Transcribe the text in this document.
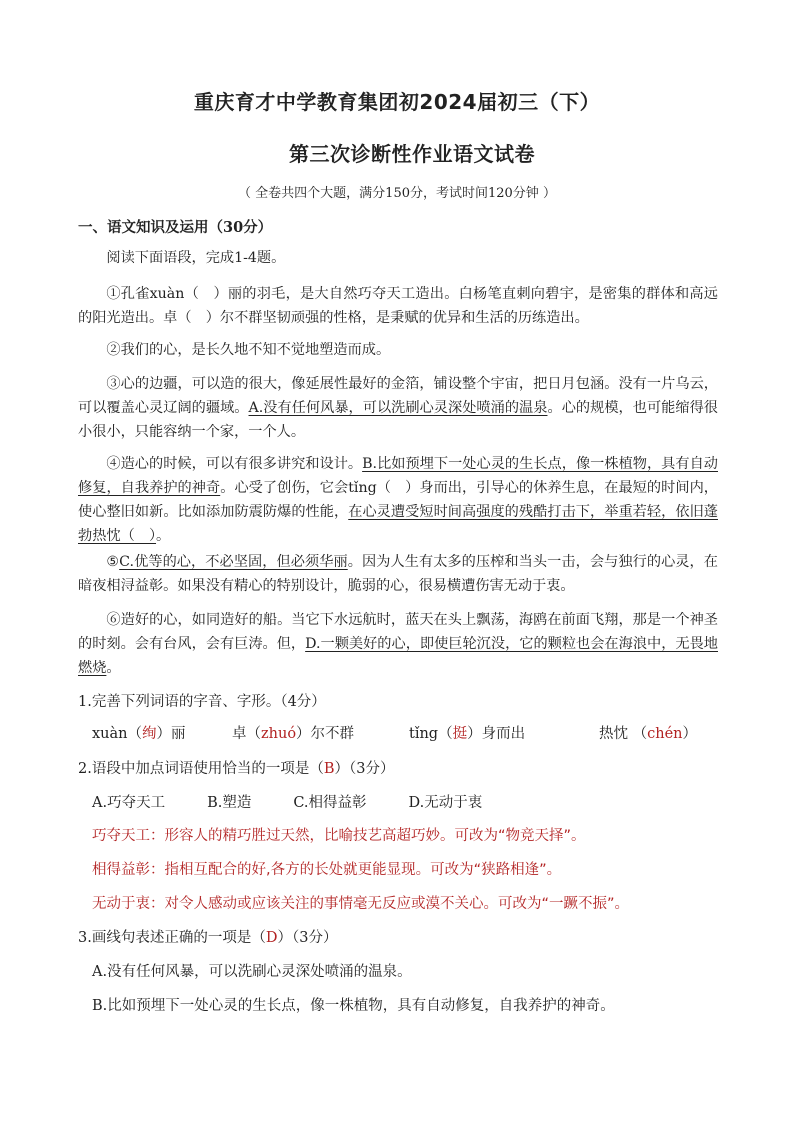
重庆育才中学教育集团初2024届初三（下）
第三次诊断性作业语文试卷
（ 全卷共四个大题，满分150分，考试时间120分钟 ）
一、语文知识及运用（30分）
阅读下面语段，完成1-4题。
①孔雀xuàn（　）丽的羽毛，是大自然巧夺天工造出。白杨笔直刺向碧宇，是密集的群体和高远的阳光造出。卓（　）尔不群坚韧顽强的性格，是秉赋的优异和生活的历练造出。
②我们的心，是长久地不知不觉地塑造而成。
③心的边疆，可以造的很大，像延展性最好的金箔，铺设整个宇宙，把日月包涵。没有一片乌云，可以覆盖心灵辽阔的疆域。A.没有任何风暴，可以洗刷心灵深处喷涌的温泉。心的规模，也可能缩得很小很小，只能容纳一个家，一个人。
④造心的时候，可以有很多讲究和设计。B.比如预埋下一处心灵的生长点，像一株植物，具有自动修复，自我养护的神奇。心受了创伤，它会tǐng（　）身而出，引导心的休养生息，在最短的时间内，使心整旧如新。比如添加防震防爆的性能，在心灵遭受短时间高强度的残酷打击下，举重若轻，依旧蓬勃热忱（　）。
⑤C.优等的心，不必坚固，但必须华丽。因为人生有太多的压榨和当头一击，会与独行的心灵，在暗夜相浔益彰。如果没有精心的特别设计，脆弱的心，很易横遭伤害无动于衷。
⑥造好的心，如同造好的船。当它下水远航时，蓝天在头上飘荡，海鸥在前面飞翔，那是一个神圣的时刻。会有台风，会有巨涛。但，D.一颗美好的心，即使巨轮沉没，它的颗粒也会在海浪中，无畏地燃烧。
1.完善下列词语的字音、字形。（4分）
xuàn（绚）丽	卓（zhuó）尔不群	tǐng（挺）身而出	热忱 （chén）
2.语段中加点词语使用恰当的一项是（B）（3分）
A.巧夺天工	B.塑造	C.相得益彰	D.无动于衷
巧夺天工：形容人的精巧胜过天然，比喻技艺高超巧妙。可改为“物竞天择”。
相得益彰：指相互配合的好,各方的长处就更能显现。可改为“狭路相逢”。
无动于衷：对令人感动或应该关注的事情毫无反应或漠不关心。可改为“一蹶不振”。
3.画线句表述正确的一项是（D）（3分）
A.没有任何风暴，可以洗刷心灵深处喷涌的温泉。
B.比如预埋下一处心灵的生长点，像一株植物，具有自动修复，自我养护的神奇。
